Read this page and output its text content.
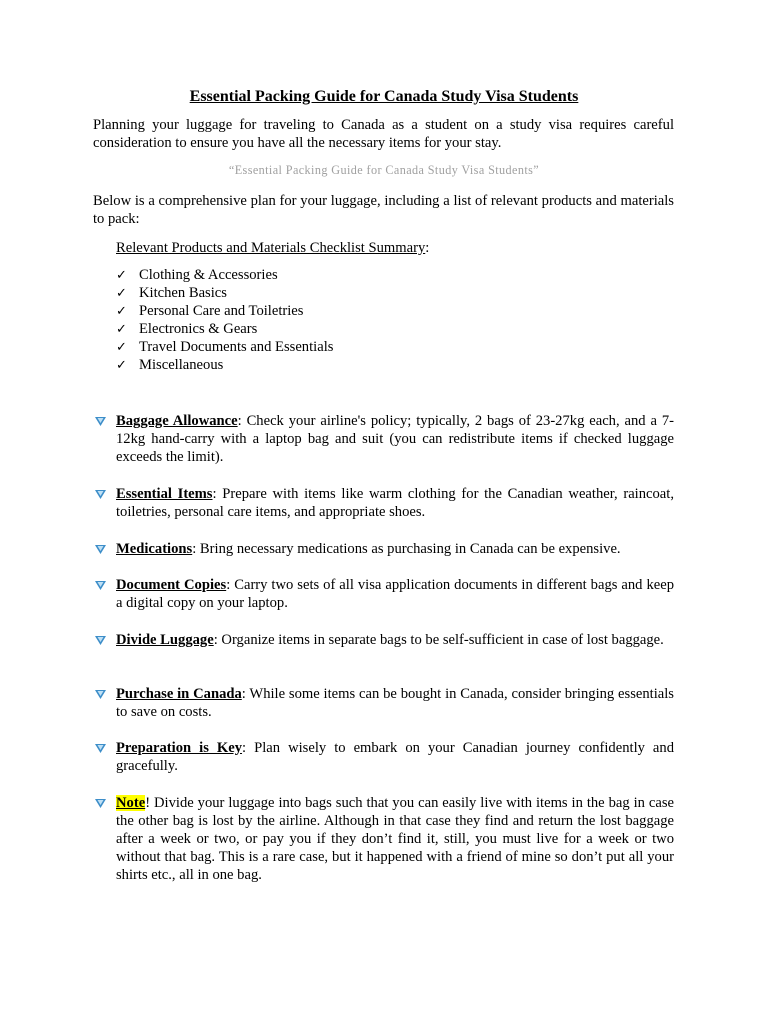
Essential Packing Guide for Canada Study Visa Students
Planning your luggage for traveling to Canada as a student on a study visa requires careful consideration to ensure you have all the necessary items for your stay.
“Essential Packing Guide for Canada Study Visa Students”
Below is a comprehensive plan for your luggage, including a list of relevant products and materials to pack:
Relevant Products and Materials Checklist Summary:
✓ Clothing & Accessories
✓ Kitchen Basics
✓ Personal Care and Toiletries
✓ Electronics & Gears
✓ Travel Documents and Essentials
✓ Miscellaneous
Baggage Allowance: Check your airline's policy; typically, 2 bags of 23-27kg each, and a 7-12kg hand-carry with a laptop bag and suit (you can redistribute items if checked luggage exceeds the limit).
Essential Items: Prepare with items like warm clothing for the Canadian weather, raincoat, toiletries, personal care items, and appropriate shoes.
Medications: Bring necessary medications as purchasing in Canada can be expensive.
Document Copies: Carry two sets of all visa application documents in different bags and keep a digital copy on your laptop.
Divide Luggage: Organize items in separate bags to be self-sufficient in case of lost baggage.
Purchase in Canada: While some items can be bought in Canada, consider bringing essentials to save on costs.
Preparation is Key: Plan wisely to embark on your Canadian journey confidently and gracefully.
Note! Divide your luggage into bags such that you can easily live with items in the bag in case the other bag is lost by the airline. Although in that case they find and return the lost baggage after a week or two, or pay you if they don’t find it, still, you must live for a week or two without that bag. This is a rare case, but it happened with a friend of mine so don’t put all your shirts etc., all in one bag.
